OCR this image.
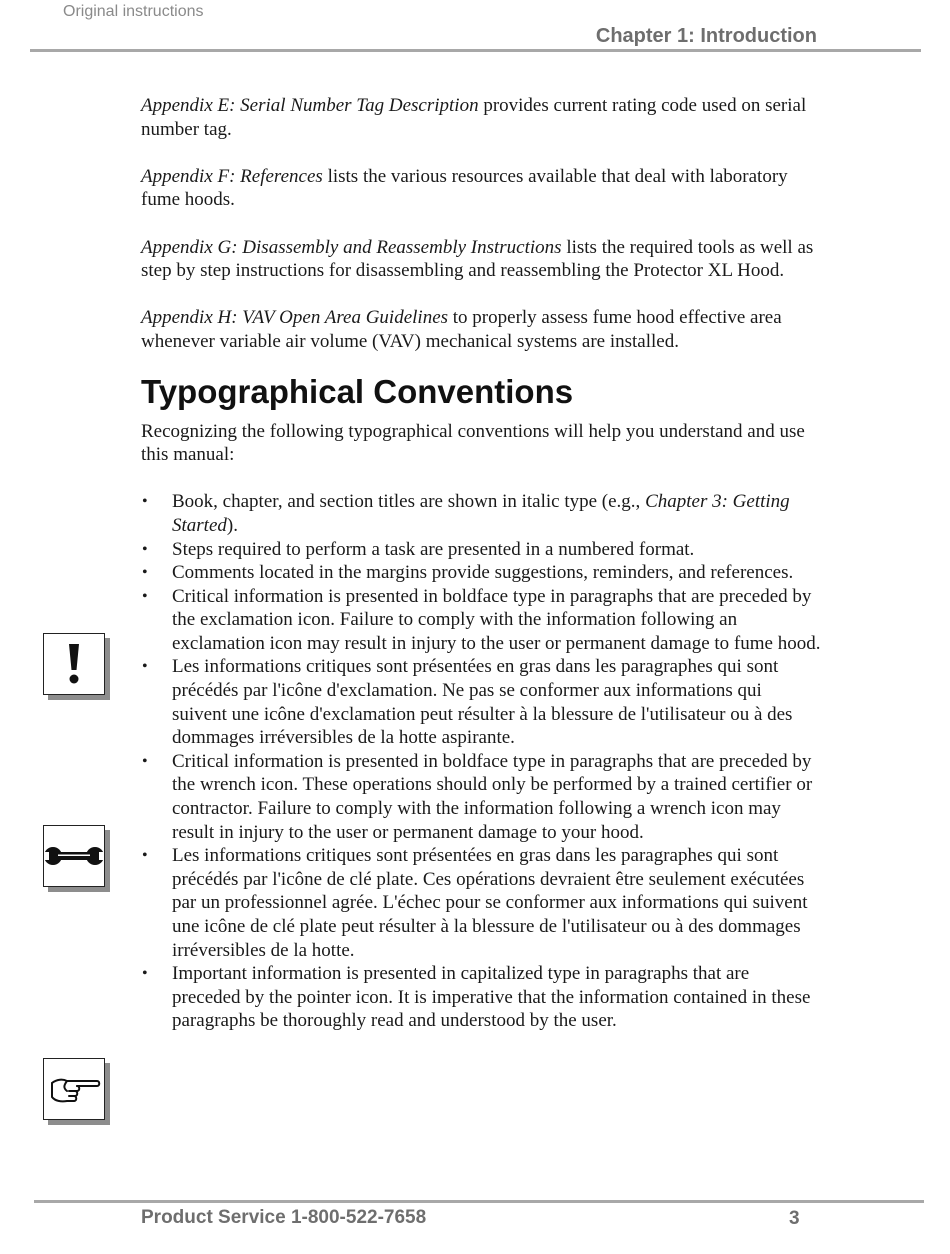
Original instructions
Chapter 1: Introduction

Appendix E: Serial Number Tag Description provides current rating code used on serial number tag.

Appendix F: References lists the various resources available that deal with laboratory fume hoods.

Appendix G: Disassembly and Reassembly Instructions lists the required tools as well as step by step instructions for disassembling and reassembling the Protector XL Hood.

Appendix H: VAV Open Area Guidelines to properly assess fume hood effective area whenever variable air volume (VAV) mechanical systems are installed.

Typographical Conventions

Recognizing the following typographical conventions will help you understand and use this manual:

• Book, chapter, and section titles are shown in italic type (e.g., Chapter 3: Getting Started).
• Steps required to perform a task are presented in a numbered format.
• Comments located in the margins provide suggestions, reminders, and references.
• Critical information is presented in boldface type in paragraphs that are preceded by the exclamation icon. Failure to comply with the information following an exclamation icon may result in injury to the user or permanent damage to fume hood.
• Les informations critiques sont présentées en gras dans les paragraphes qui sont précédés par l'icône d'exclamation. Ne pas se conformer aux informations qui suivent une icône d'exclamation peut résulter à la blessure de l'utilisateur ou à des dommages irréversibles de la hotte aspirante.
• Critical information is presented in boldface type in paragraphs that are preceded by the wrench icon. These operations should only be performed by a trained certifier or contractor. Failure to comply with the information following a wrench icon may result in injury to the user or permanent damage to your hood.
• Les informations critiques sont présentées en gras dans les paragraphes qui sont précédés par l'icône de clé plate. Ces opérations devraient être seulement exécutées par un professionnel agrée. L'échec pour se conformer aux informations qui suivent une icône de clé plate peut résulter à la blessure de l'utilisateur ou à des dommages irréversibles de la hotte.
• Important information is presented in capitalized type in paragraphs that are preceded by the pointer icon. It is imperative that the information contained in these paragraphs be thoroughly read and understood by the user.
Product Service 1-800-522-7658	3
